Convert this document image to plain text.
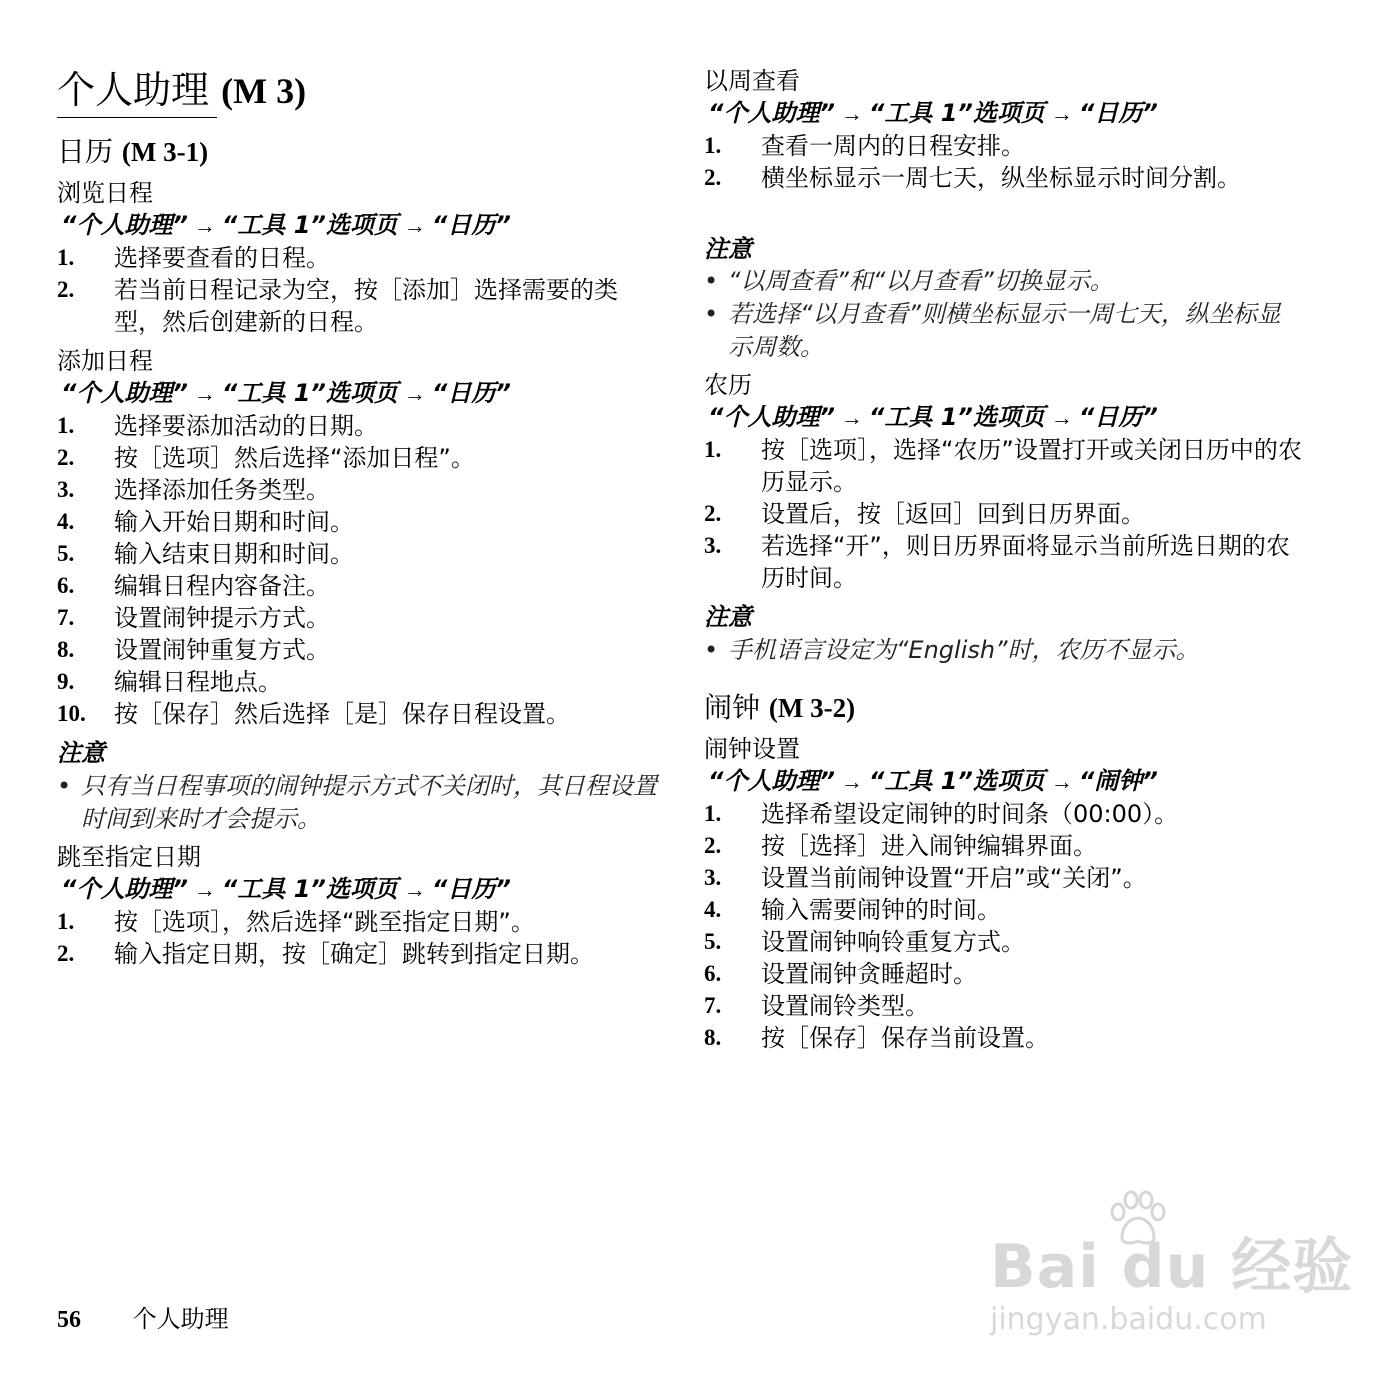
个人助理 (M 3)
日历 (M 3-1)
浏览日程
“个人助理” → “工具 1”选项页 → “日历”
1.	选择要查看的日程。
2.	若当前日程记录为空，按［添加］选择需要的类型，然后创建新的日程。
添加日程
“个人助理” → “工具 1”选项页 → “日历”
1.	选择要添加活动的日期。
2.	按［选项］然后选择“添加日程”。
3.	选择添加任务类型。
4.	输入开始日期和时间。
5.	输入结束日期和时间。
6.	编辑日程内容备注。
7.	设置闹钟提示方式。
8.	设置闹钟重复方式。
9.	编辑日程地点。
10.	按［保存］然后选择［是］保存日程设置。
注意
• 只有当日程事项的闹钟提示方式不关闭时，其日程设置时间到来时才会提示。
跳至指定日期
“个人助理” → “工具 1”选项页 → “日历”
1.	按［选项］，然后选择“跳至指定日期”。
2.	输入指定日期，按［确定］跳转到指定日期。
以周查看
“个人助理” → “工具 1”选项页 → “日历”
1.	查看一周内的日程安排。
2.	横坐标显示一周七天，纵坐标显示时间分割。
注意
• “以周查看”和“以月查看”切换显示。
• 若选择“以月查看”则横坐标显示一周七天，纵坐标显示周数。
农历
“个人助理” → “工具 1”选项页 → “日历”
1.	按［选项］，选择“农历”设置打开或关闭日历中的农历显示。
2.	设置后，按［返回］回到日历界面。
3.	若选择“开”，则日历界面将显示当前所选日期的农历时间。
注意
• 手机语言设定为“English”时，农历不显示。
闹钟 (M 3-2)
闹钟设置
“个人助理” → “工具 1”选项页 → “闹钟”
1.	选择希望设定闹钟的时间条（00:00）。
2.	按［选择］进入闹钟编辑界面。
3.	设置当前闹钟设置“开启”或“关闭”。
4.	输入需要闹钟的时间。
5.	设置闹钟响铃重复方式。
6.	设置闹钟贪睡超时。
7.	设置闹铃类型。
8.	按［保存］保存当前设置。
56 个人助理
Bai du 经验
jingyan.baidu.com
